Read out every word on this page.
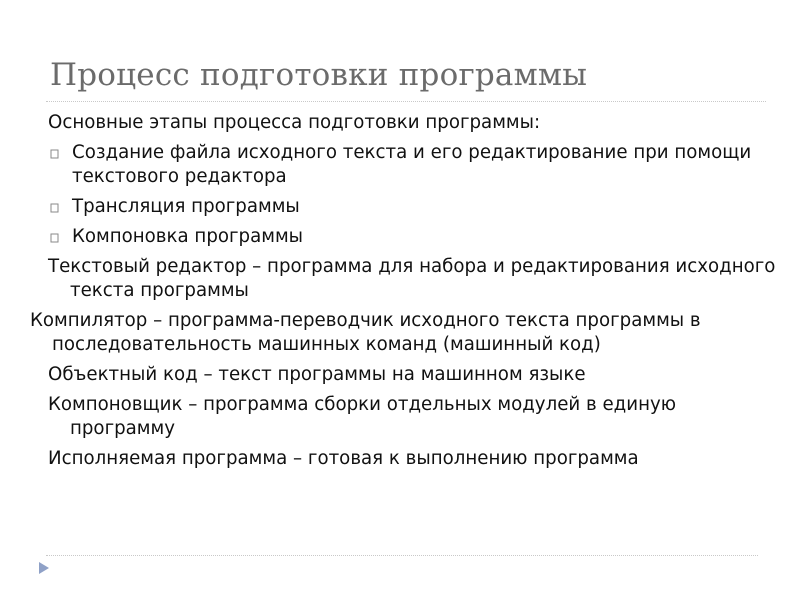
Процесс подготовки программы
Основные этапы процесса подготовки программы:
Создание файла исходного текста и его редактирование при помощи текстового редактора
Трансляция программы
Компоновка программы
Текстовый редактор – программа для набора и редактирования исходного текста программы
Компилятор – программа-переводчик исходного текста программы в последовательность машинных команд (машинный код)
Объектный код – текст программы на машинном языке
Компоновщик – программа сборки отдельных модулей в единую программу
Исполняемая программа – готовая к выполнению программа
